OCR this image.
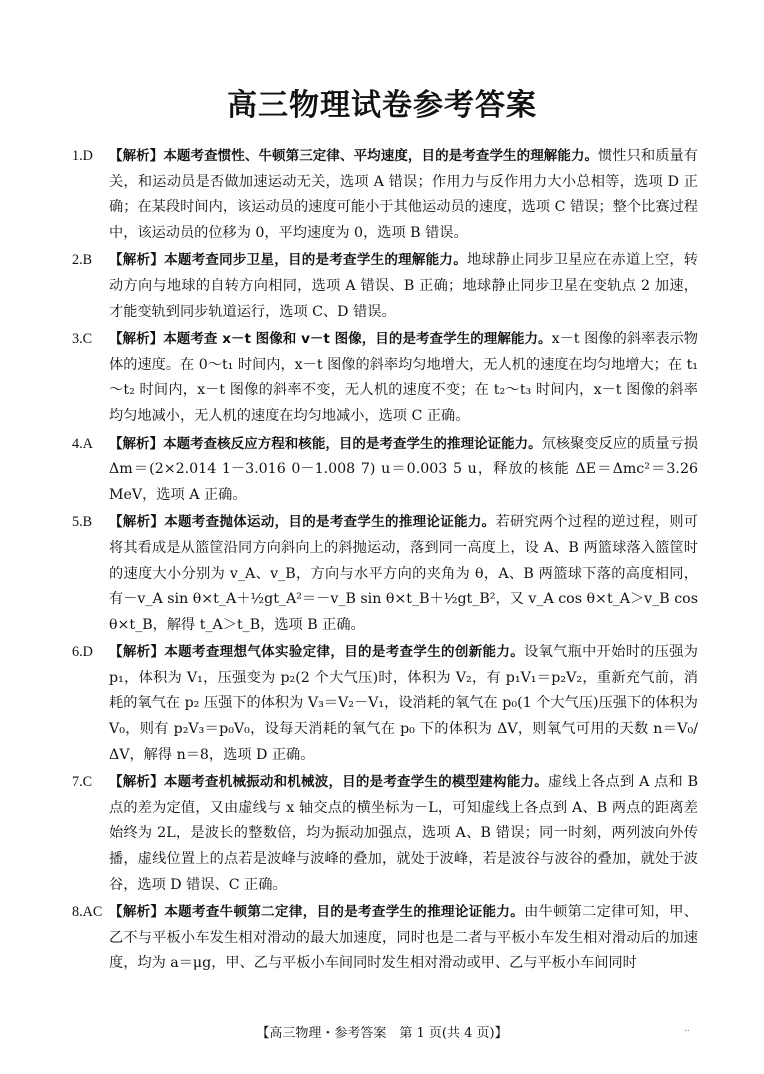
高三物理试卷参考答案
1.D 【解析】本题考查惯性、牛顿第三定律、平均速度，目的是考查学生的理解能力。惯性只和质量有关，和运动员是否做加速运动无关，选项 A 错误；作用力与反作用力大小总相等，选项 D 正确；在某段时间内，该运动员的速度可能小于其他运动员的速度，选项 C 错误；整个比赛过程中，该运动员的位移为 0，平均速度为 0，选项 B 错误。
2.B 【解析】本题考查同步卫星，目的是考查学生的理解能力。地球静止同步卫星应在赤道上空，转动方向与地球的自转方向相同，选项 A 错误、B 正确；地球静止同步卫星在变轨点 2 加速，才能变轨到同步轨道运行，选项 C、D 错误。
3.C 【解析】本题考查 x－t 图像和 v－t 图像，目的是考查学生的理解能力。x－t 图像的斜率表示物体的速度。在 0～t₁ 时间内，x－t 图像的斜率均匀地增大，无人机的速度在均匀地增大；在 t₁～t₂ 时间内，x－t 图像的斜率不变，无人机的速度不变；在 t₂～t₃ 时间内，x－t 图像的斜率均匀地减小，无人机的速度在均匀地减小，选项 C 正确。
4.A 【解析】本题考查核反应方程和核能，目的是考查学生的推理论证能力。氘核聚变反应的质量亏损 Δm＝(2×2.014 1－3.016 0－1.008 7) u＝0.003 5 u，释放的核能 ΔE＝Δmc²＝3.26 MeV，选项 A 正确。
5.B 【解析】本题考查抛体运动，目的是考查学生的推理论证能力。若研究两个过程的逆过程，则可将其看成是从篮筐沿同方向斜向上的斜抛运动，落到同一高度上，设 A、B 两篮球落入篮筐时的速度大小分别为 v_A、v_B，方向与水平方向的夹角为 θ，A、B 两篮球下落的高度相同，有－v_A sin θ×t_A＋½gt_A²＝－v_B sin θ×t_B＋½gt_B²，又 v_A cos θ×t_A＞v_B cos θ×t_B，解得 t_A＞t_B，选项 B 正确。
6.D 【解析】本题考查理想气体实验定律，目的是考查学生的创新能力。设氧气瓶中开始时的压强为 p₁，体积为 V₁，压强变为 p₂(2 个大气压)时，体积为 V₂，有 p₁V₁＝p₂V₂，重新充气前，消耗的氧气在 p₂ 压强下的体积为 V₃＝V₂－V₁，设消耗的氧气在 p₀(1 个大气压)压强下的体积为 V₀，则有 p₂V₃＝p₀V₀，设每天消耗的氧气在 p₀ 下的体积为 ΔV，则氧气可用的天数 n＝V₀/ΔV，解得 n＝8，选项 D 正确。
7.C 【解析】本题考查机械振动和机械波，目的是考查学生的模型建构能力。虚线上各点到 A 点和 B 点的差为定值，又由虚线与 x 轴交点的横坐标为－L，可知虚线上各点到 A、B 两点的距离差始终为 2L，是波长的整数倍，均为振动加强点，选项 A、B 错误；同一时刻，两列波向外传播，虚线位置上的点若是波峰与波峰的叠加，就处于波峰，若是波谷与波谷的叠加，就处于波谷，选项 D 错误、C 正确。
8.AC 【解析】本题考查牛顿第二定律，目的是考查学生的推理论证能力。由牛顿第二定律可知，甲、乙不与平板小车发生相对滑动的最大加速度，同时也是二者与平板小车发生相对滑动后的加速度，均为 a＝μg，甲、乙与平板小车间同时发生相对滑动或甲、乙与平板小车间同时
【高三物理・参考答案　第 1 页(共 4 页)】	..
